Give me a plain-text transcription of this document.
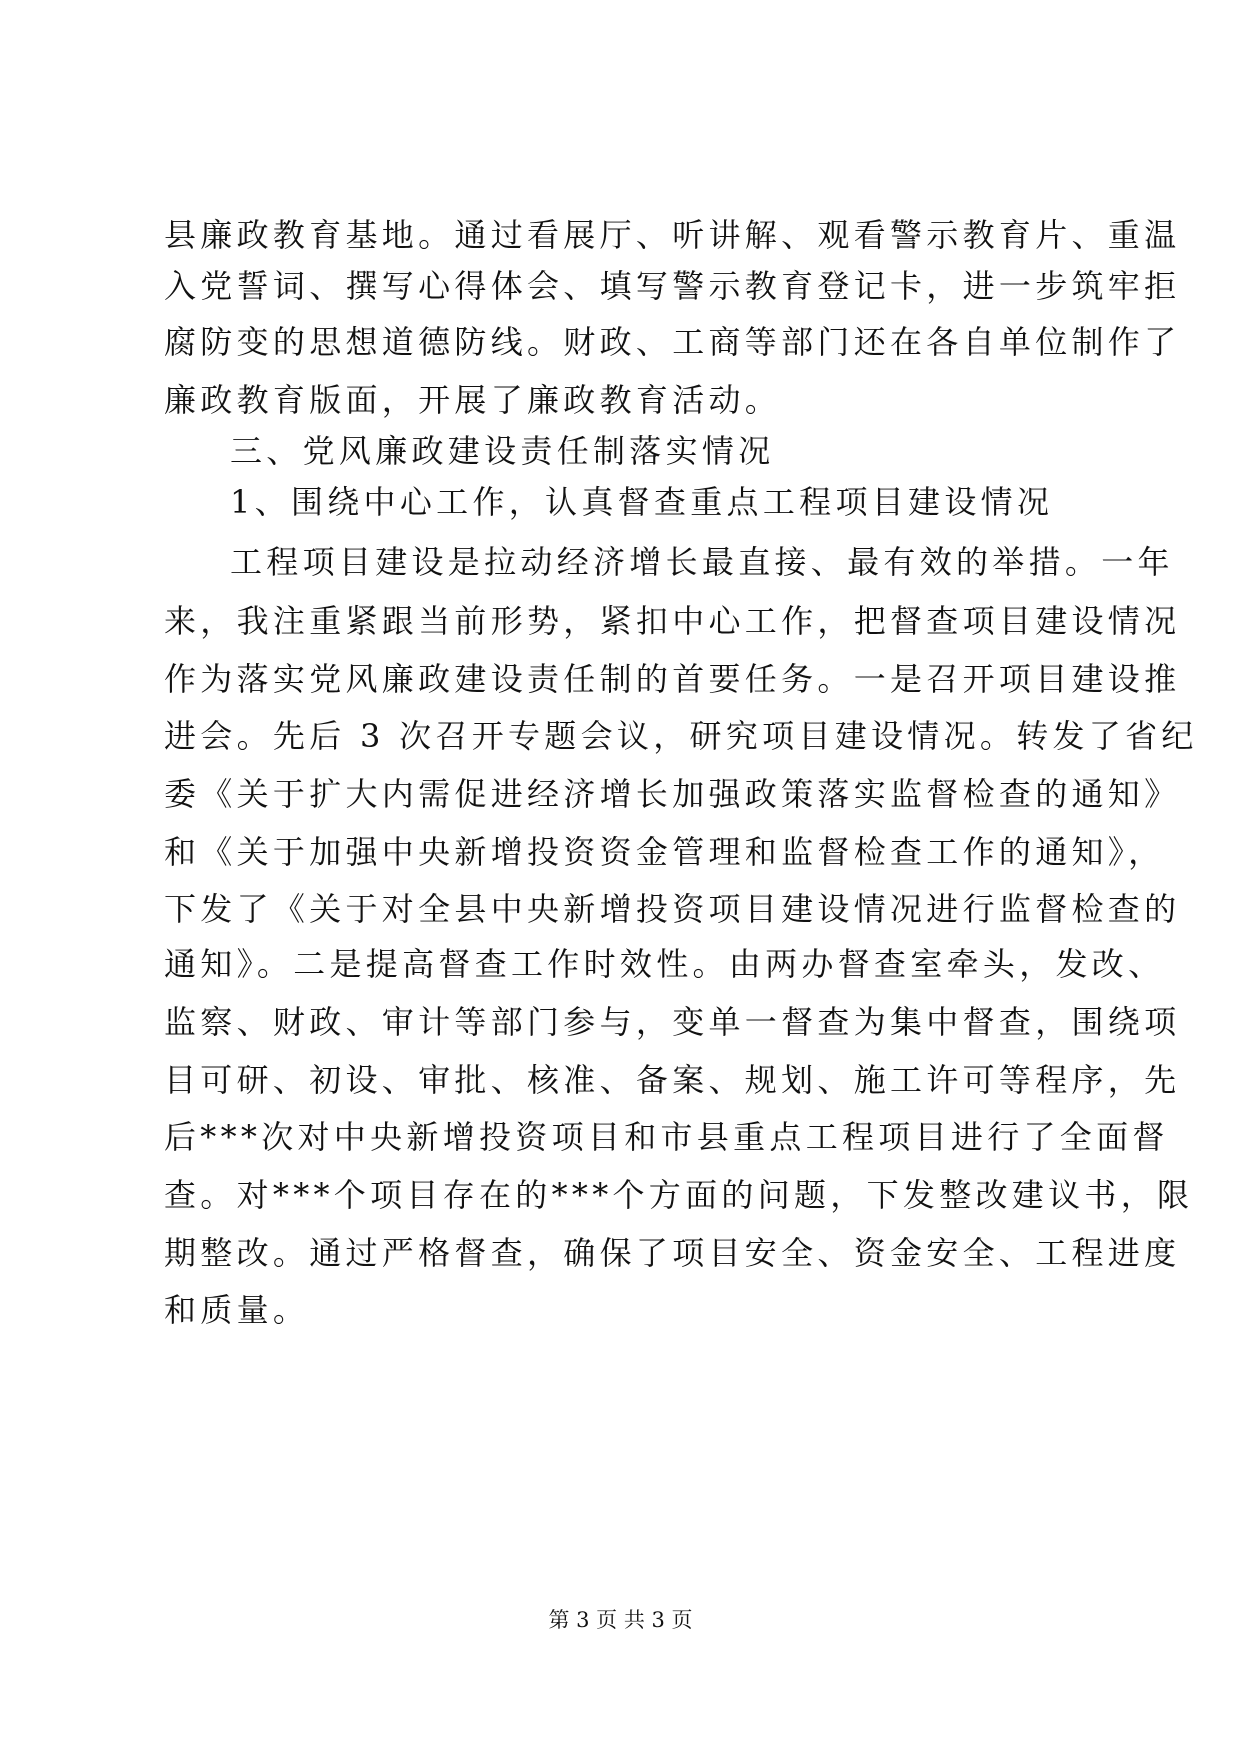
县廉政教育基地。通过看展厅、听讲解、观看警示教育片、重温
入党誓词、撰写心得体会、填写警示教育登记卡，进一步筑牢拒
腐防变的思想道德防线。财政、工商等部门还在各自单位制作了
廉政教育版面，开展了廉政教育活动。
三、党风廉政建设责任制落实情况
1、围绕中心工作，认真督查重点工程项目建设情况
工程项目建设是拉动经济增长最直接、最有效的举措。一年
来，我注重紧跟当前形势，紧扣中心工作，把督查项目建设情况
作为落实党风廉政建设责任制的首要任务。一是召开项目建设推
进会。先后 3 次召开专题会议，研究项目建设情况。转发了省纪
委《关于扩大内需促进经济增长加强政策落实监督检查的通知》
和《关于加强中央新增投资资金管理和监督检查工作的通知》，
下发了《关于对全县中央新增投资项目建设情况进行监督检查的
通知》。二是提高督查工作时效性。由两办督查室牵头，发改、
监察、财政、审计等部门参与，变单一督查为集中督查，围绕项
目可研、初设、审批、核准、备案、规划、施工许可等程序，先
后***次对中央新增投资项目和市县重点工程项目进行了全面督
查。对***个项目存在的***个方面的问题，下发整改建议书，限
期整改。通过严格督查，确保了项目安全、资金安全、工程进度
和质量。
第 3 页 共 3 页
